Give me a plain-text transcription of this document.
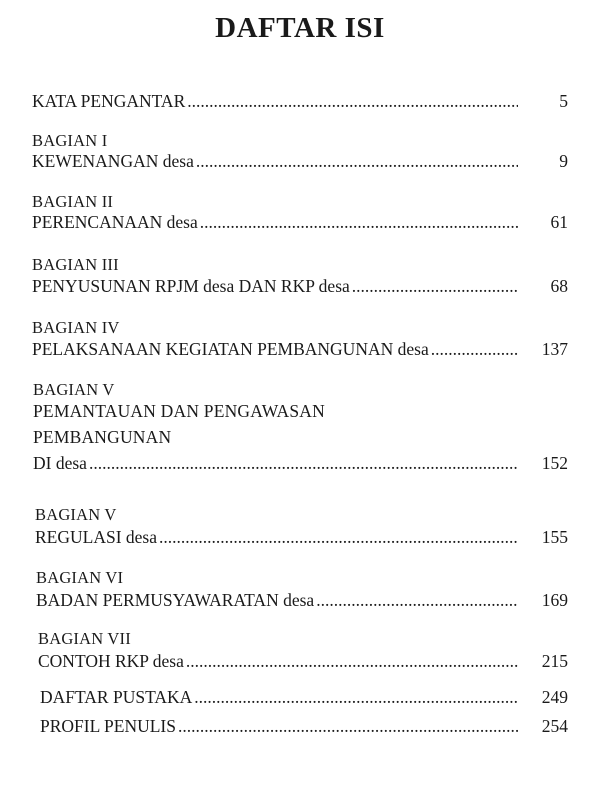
DAFTAR ISI
KATA PENGANTAR .....	5
BAGIAN I
KEWENANGAN desa .....	9
BAGIAN II
PERENCANAAN desa .....	61
BAGIAN III
PENYUSUNAN RPJM desa DAN RKP desa .....	68
BAGIAN IV
PELAKSANAAN KEGIATAN PEMBANGUNAN desa .....	137
BAGIAN V
PEMANTAUAN DAN PENGAWASAN
PEMBANGUNAN
DI desa .....	152
BAGIAN V
REGULASI desa .....	155
BAGIAN VI
BADAN PERMUSYAWARATAN desa .....	169
BAGIAN VII
CONTOH RKP desa .....	215
DAFTAR PUSTAKA .....	249
PROFIL PENULIS .....	254
